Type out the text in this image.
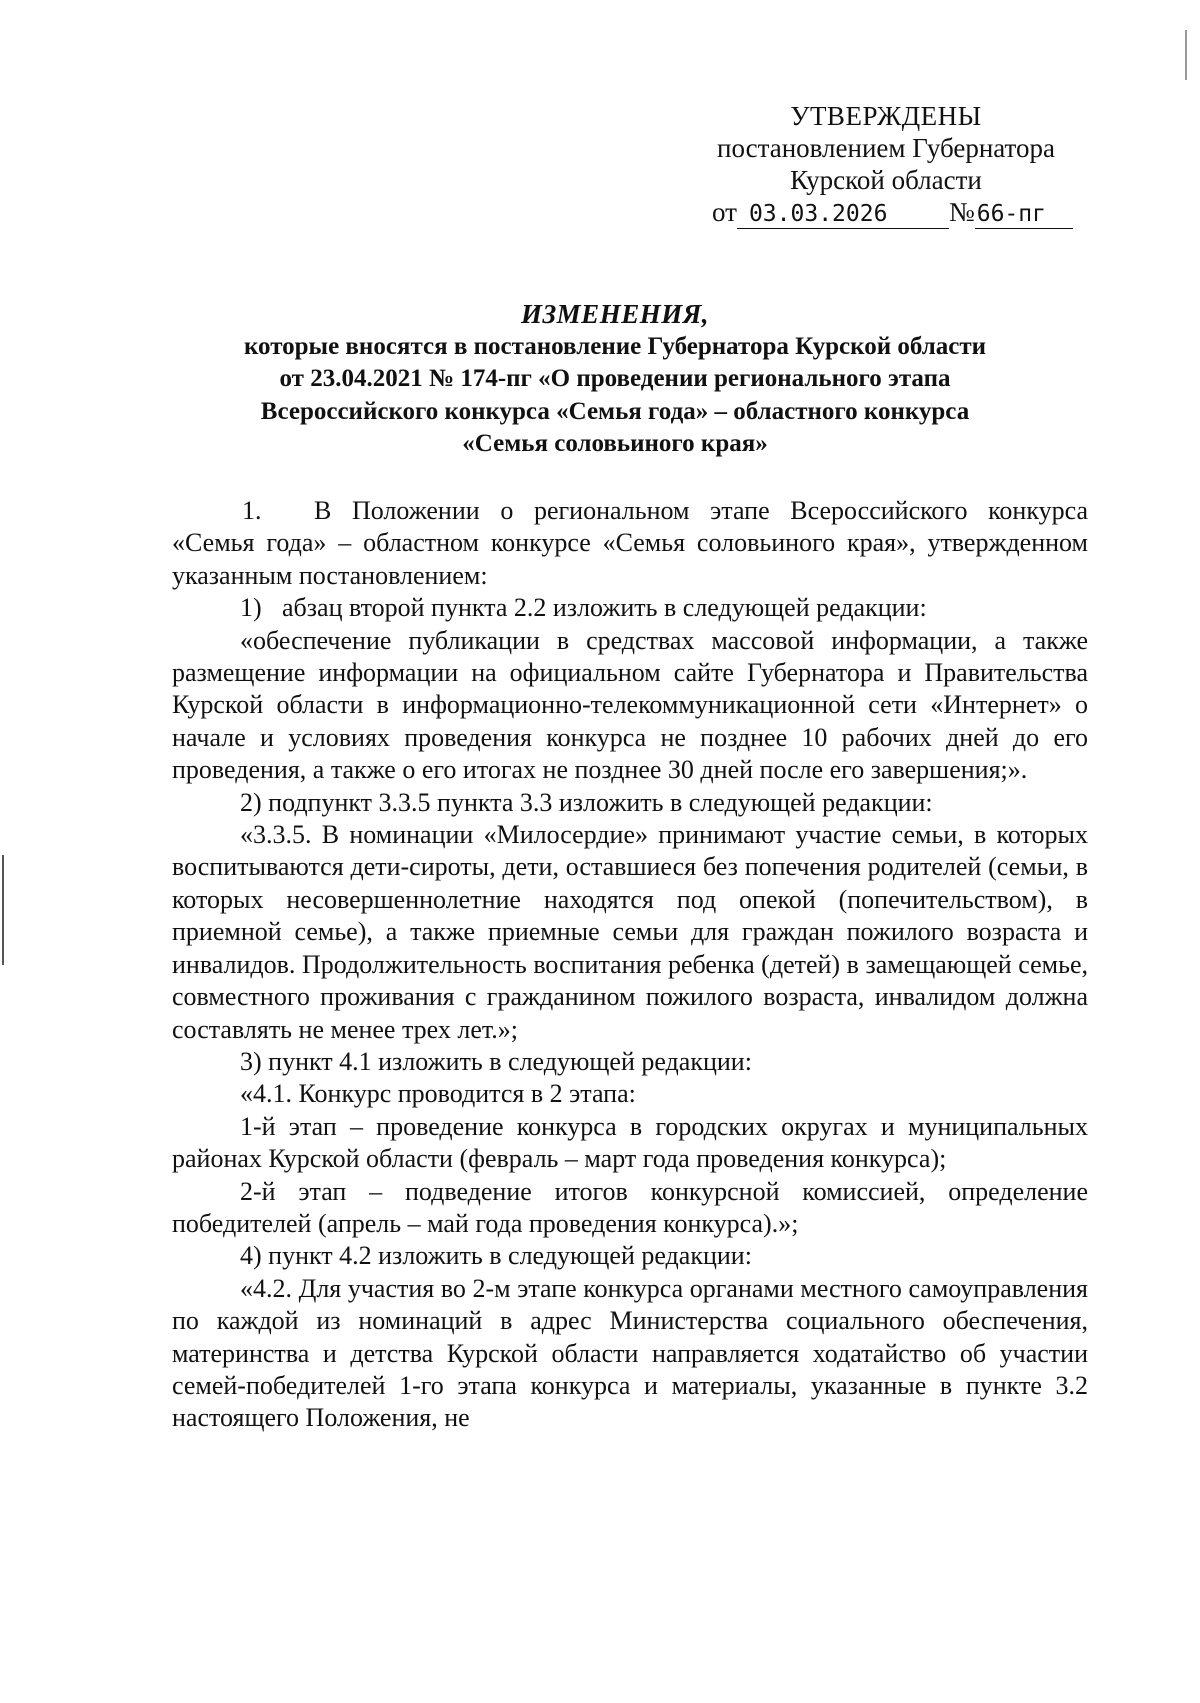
УТВЕРЖДЕНЫ
постановлением Губернатора
Курской области
от 03.03.2026 №66-пг
ИЗМЕНЕНИЯ,
которые вносятся в постановление Губернатора Курской области
от 23.04.2021 № 174-пг «О проведении регионального этапа
Всероссийского конкурса «Семья года» – областного конкурса
«Семья соловьиного края»

1. В Положении о региональном этапе Всероссийского конкурса «Семья года» – областном конкурсе «Семья соловьиного края», утвержденном указанным постановлением:

1) абзац второй пункта 2.2 изложить в следующей редакции:

«обеспечение публикации в средствах массовой информации, а также размещение информации на официальном сайте Губернатора и Правительства Курской области в информационно-телекоммуникационной сети «Интернет» о начале и условиях проведения конкурса не позднее 10 рабочих дней до его проведения, а также о его итогах не позднее 30 дней после его завершения;».

2) подпункт 3.3.5 пункта 3.3 изложить в следующей редакции:

«3.3.5. В номинации «Милосердие» принимают участие семьи, в которых воспитываются дети-сироты, дети, оставшиеся без попечения родителей (семьи, в которых несовершеннолетние находятся под опекой (попечительством), в приемной семье), а также приемные семьи для граждан пожилого возраста и инвалидов. Продолжительность воспитания ребенка (детей) в замещающей семье, совместного проживания с гражданином пожилого возраста, инвалидом должна составлять не менее трех лет.»;

3) пункт 4.1 изложить в следующей редакции:

«4.1. Конкурс проводится в 2 этапа:

1-й этап – проведение конкурса в городских округах и муниципальных районах Курской области (февраль – март года проведения конкурса);

2-й этап – подведение итогов конкурсной комиссией, определение победителей (апрель – май года проведения конкурса).»;

4) пункт 4.2 изложить в следующей редакции:

«4.2. Для участия во 2-м этапе конкурса органами местного самоуправления по каждой из номинаций в адрес Министерства социального обеспечения, материнства и детства Курской области направляется ходатайство об участии семей-победителей 1-го этапа конкурса и материалы, указанные в пункте 3.2 настоящего Положения, не
